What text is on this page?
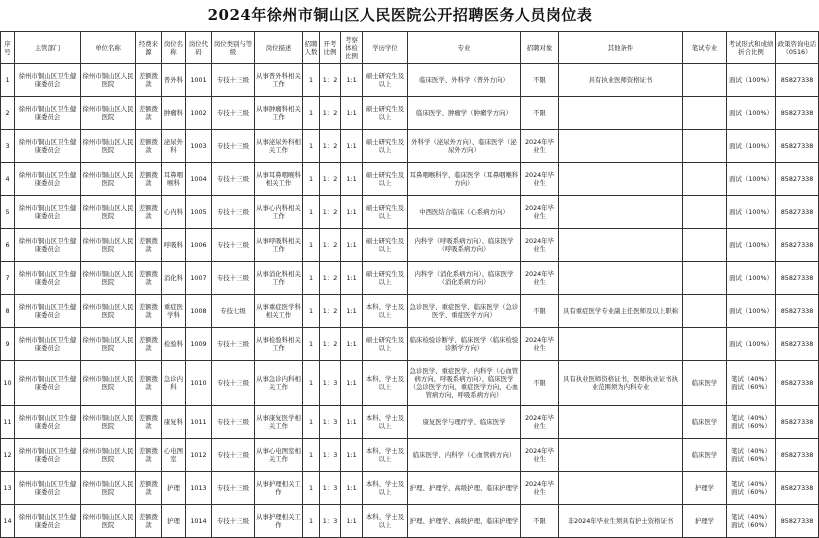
2024年徐州市铜山区人民医院公开招聘医务人员岗位表
序号	主管部门	单位名称	经费来源	岗位名称	岗位代码	岗位类别与等级	岗位描述	招聘人数	开考比例	考察体检比例	学历学位	专业	招聘对象	其他条件	笔试专业	考试形式和成绩折合比例	政策咨询电话（0516）
1	徐州市铜山区卫生健康委员会	徐州市铜山区人民医院	差额拨款	普外科	1001	专技十三级	从事普外科相关工作	1	1：2	1:1	硕士研究生及以上	临床医学、外科学（普外方向）	不限	具有执业医师资格证书		面试（100%）	85827338
2	徐州市铜山区卫生健康委员会	徐州市铜山区人民医院	差额拨款	肿瘤科	1002	专技十三级	从事肿瘤科相关工作	1	1：2	1:1	硕士研究生及以上	临床医学、肿瘤学（肿瘤学方向）	不限			面试（100%）	85827338
3	徐州市铜山区卫生健康委员会	徐州市铜山区人民医院	差额拨款	泌尿外科	1003	专技十三级	从事泌尿外科相关工作	1	1：2	1:1	硕士研究生及以上	外科学（泌尿外方向）、临床医学（泌尿外方向）	2024年毕业生			面试（100%）	85827338
4	徐州市铜山区卫生健康委员会	徐州市铜山区人民医院	差额拨款	耳鼻咽喉科	1004	专技十三级	从事耳鼻咽喉科相关工作	1	1：2	1:1	硕士研究生及以上	耳鼻咽喉科学、临床医学（耳鼻咽喉科方向）	2024年毕业生			面试（100%）	85827338
5	徐州市铜山区卫生健康委员会	徐州市铜山区人民医院	差额拨款	心内科	1005	专技十三级	从事心内科相关工作	1	1：2	1:1	硕士研究生及以上	中西医结合临床（心系病方向）	2024年毕业生			面试（100%）	85827338
6	徐州市铜山区卫生健康委员会	徐州市铜山区人民医院	差额拨款	呼吸科	1006	专技十三级	从事呼吸科相关工作	1	1：2	1:1	硕士研究生及以上	内科学（呼吸系病方向）、临床医学（呼吸系病方向）	2024年毕业生			面试（100%）	85827338
7	徐州市铜山区卫生健康委员会	徐州市铜山区人民医院	差额拨款	消化科	1007	专技十三级	从事消化科相关工作	1	1：2	1:1	硕士研究生及以上	内科学（消化系病方向）、临床医学（消化系病方向）	2024年毕业生			面试（100%）	85827338
8	徐州市铜山区卫生健康委员会	徐州市铜山区人民医院	差额拨款	重症医学科	1008	专技七级	从事重症医学科相关工作	1	1：2	1:1	本科、学士及以上	急诊医学、重症医学、临床医学（急诊医学、重症医学方向）	不限	具有重症医学专业副主任医师及以上职称		面试（100%）	85827338
9	徐州市铜山区卫生健康委员会	徐州市铜山区人民医院	差额拨款	检验科	1009	专技十三级	从事检验科相关工作	1	1：2	1:1	硕士研究生及以上	临床检验诊断学、临床医学（临床检验诊断学方向）	2024年毕业生			面试（100%）	85827338
10	徐州市铜山区卫生健康委员会	徐州市铜山区人民医院	差额拨款	急诊内科	1010	专技十三级	从事急诊内科相关工作	1	1：3	1:1	本科、学士及以上	急诊医学、重症医学、内科学（心血管病方向、呼吸系病方向）、临床医学（急诊医学方向、重症医学方向、心血管病方向、呼吸系病方向）	不限	具有执业医师资格证书，医师执业证书执业范围须为内科专业	临床医学	笔试（40%）面试（60%）	85827338
11	徐州市铜山区卫生健康委员会	徐州市铜山区人民医院	差额拨款	康复科	1011	专技十三级	从事康复医学相关工作	1	1：3	1:1	本科、学士及以上	康复医学与理疗学、临床医学	2024年毕业生		临床医学	笔试（40%）面试（60%）	85827338
12	徐州市铜山区卫生健康委员会	徐州市铜山区人民医院	差额拨款	心电图室	1012	专技十三级	从事心电图室相关工作	1	1：3	1:1	本科、学士及以上	临床医学、内科学（心血管病方向）	2024年毕业生		临床医学	笔试（40%）面试（60%）	85827338
13	徐州市铜山区卫生健康委员会	徐州市铜山区人民医院	差额拨款	护理	1013	专技十三级	从事护理相关工作	1	1：3	1:1	本科、学士及以上	护理、护理学、高级护理、临床护理学	2024年毕业生		护理学	笔试（40%）面试（60%）	85827338
14	徐州市铜山区卫生健康委员会	徐州市铜山区人民医院	差额拨款	护理	1014	专技十三级	从事护理相关工作	1	1：3	1:1	本科、学士及以上	护理、护理学、高级护理、临床护理学	不限	非2024年毕业生须具有护士资格证书	护理学	笔试（40%）面试（60%）	85827338
